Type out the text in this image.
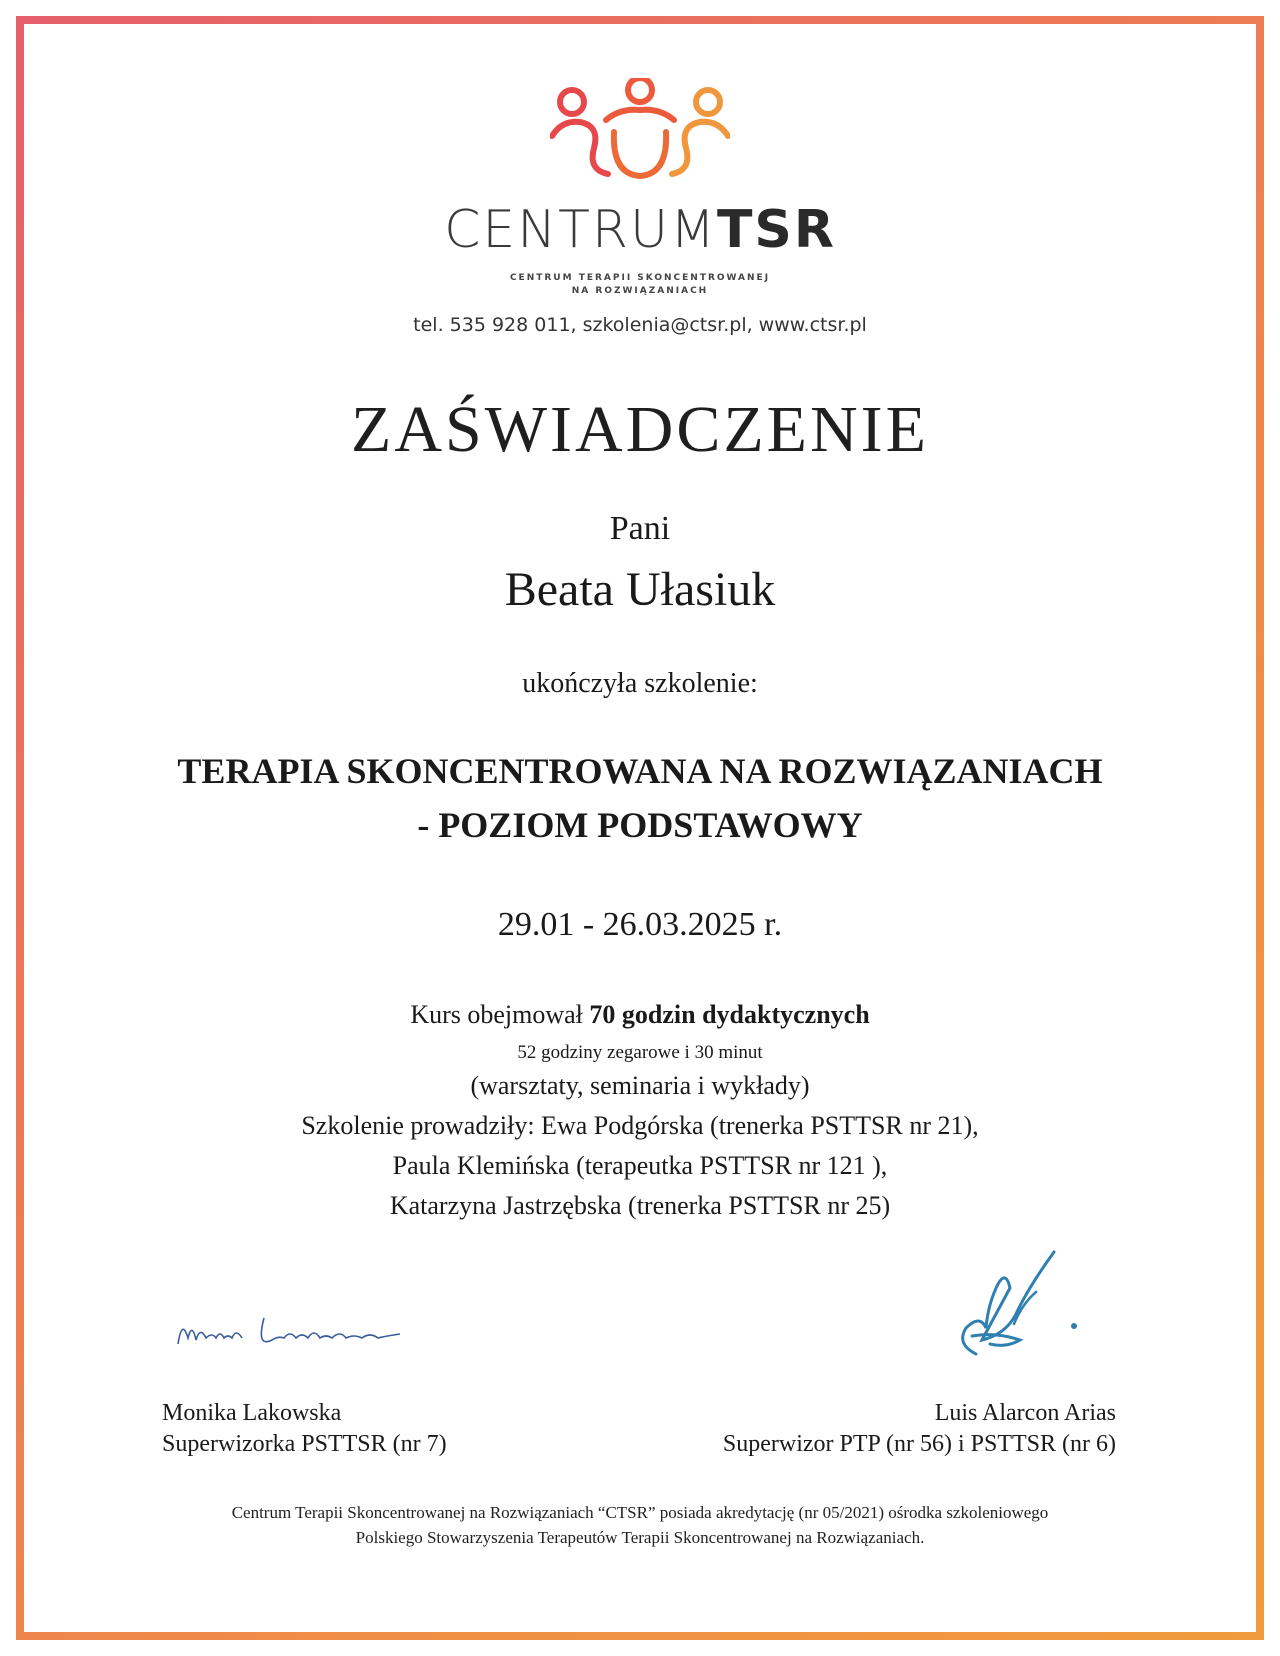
CENTRUMTSR
CENTRUM TERAPII SKONCENTROWANEJ
NA ROZWIĄZANIACH
tel. 535 928 011, szkolenia@ctsr.pl, www.ctsr.pl
ZAŚWIADCZENIE
Pani
Beata Ułasiuk
ukończyła szkolenie:
TERAPIA SKONCENTROWANA NA ROZWIĄZANIACH
- POZIOM PODSTAWOWY
29.01 - 26.03.2025 r.
Kurs obejmował 70 godzin dydaktycznych
52 godziny zegarowe i 30 minut
(warsztaty, seminaria i wykłady)
Szkolenie prowadziły: Ewa Podgórska (trenerka PSTTSR nr 21),
Paula Klemińska (terapeutka PSTTSR nr 121 ),
Katarzyna Jastrzębska (trenerka PSTTSR nr 25)
Monika Lakowska
Superwizorka PSTTSR (nr 7)
Luis Alarcon Arias
Superwizor PTP (nr 56) i PSTTSR (nr 6)
Centrum Terapii Skoncentrowanej na Rozwiązaniach “CTSR” posiada akredytację (nr 05/2021) ośrodka szkoleniowego
Polskiego Stowarzyszenia Terapeutów Terapii Skoncentrowanej na Rozwiązaniach.
